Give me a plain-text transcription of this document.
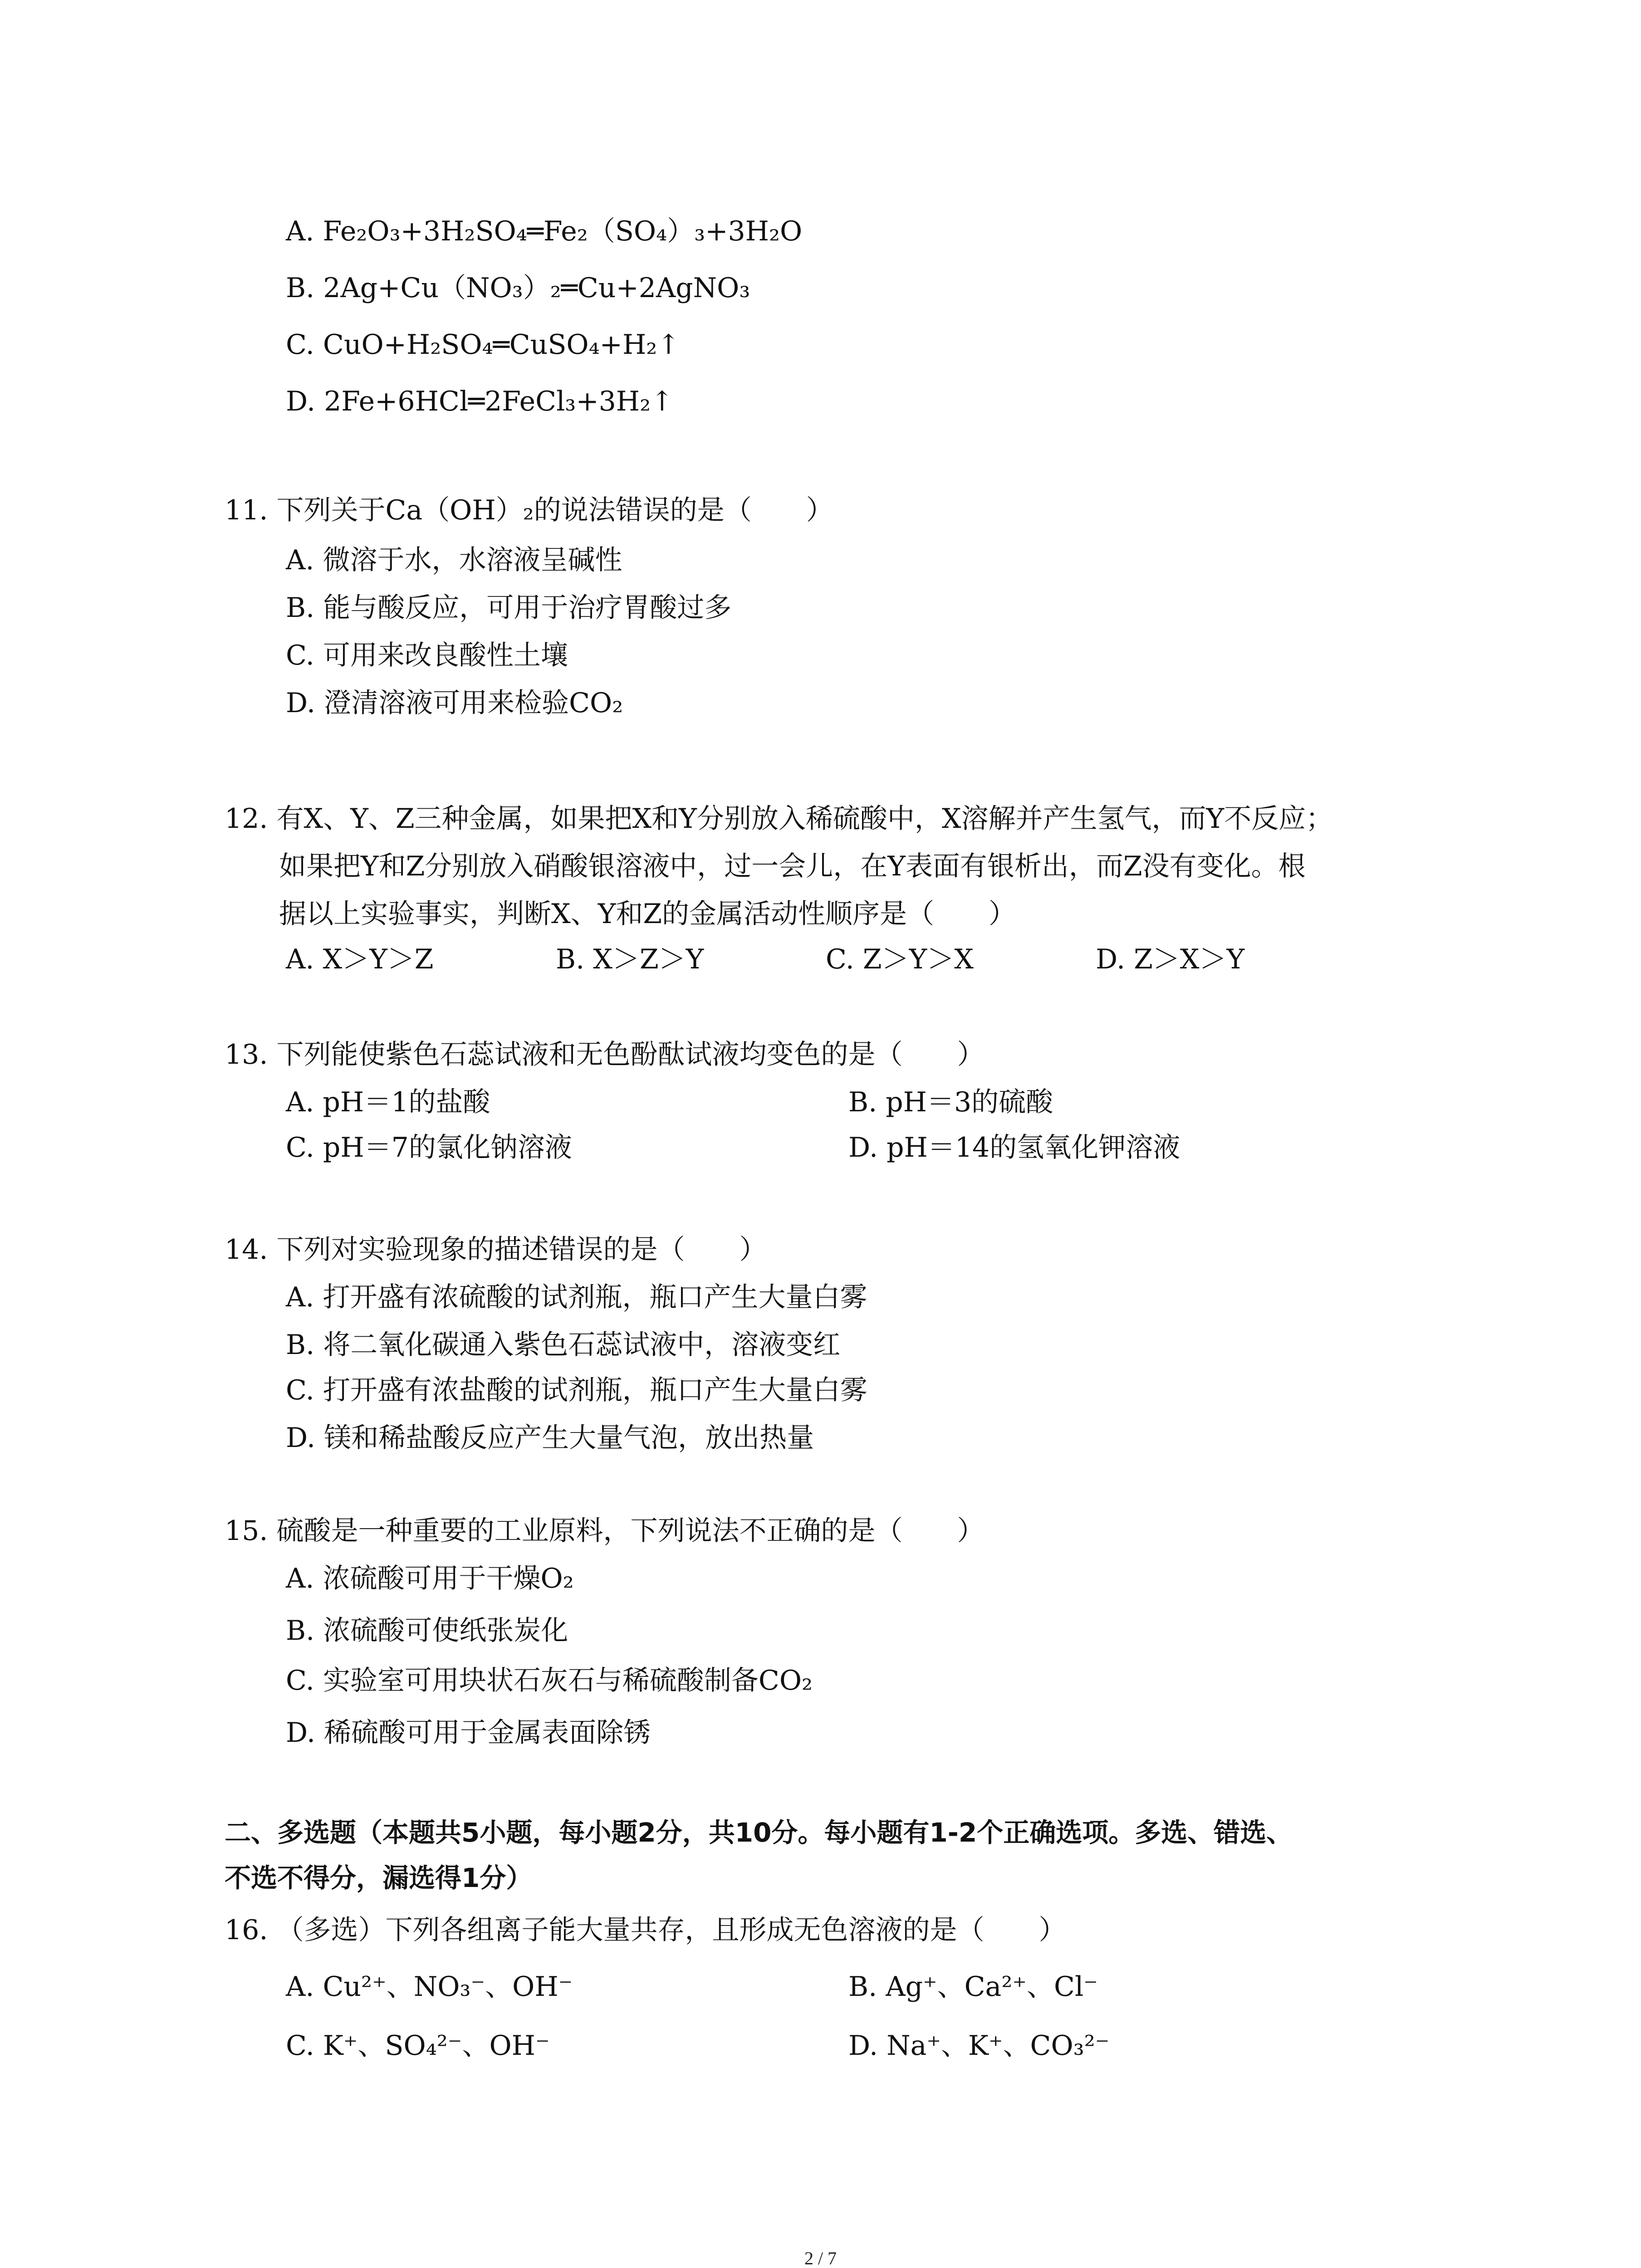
A. Fe₂O₃+3H₂SO₄═Fe₂（SO₄）₃+3H₂O
B. 2Ag+Cu（NO₃）₂═Cu+2AgNO₃
C. CuO+H₂SO₄═CuSO₄+H₂↑
D. 2Fe+6HCl═2FeCl₃+3H₂↑
11. 下列关于Ca（OH）₂的说法错误的是（　　）
A. 微溶于水，水溶液呈碱性
B. 能与酸反应，可用于治疗胃酸过多
C. 可用来改良酸性土壤
D. 澄清溶液可用来检验CO₂
12. 有X、Y、Z三种金属，如果把X和Y分别放入稀硫酸中，X溶解并产生氢气，而Y不反应；
如果把Y和Z分别放入硝酸银溶液中，过一会儿，在Y表面有银析出，而Z没有变化。根
据以上实验事实，判断X、Y和Z的金属活动性顺序是（　　）
A. X＞Y＞Z	B. X＞Z＞Y	C. Z＞Y＞X	D. Z＞X＞Y
13. 下列能使紫色石蕊试液和无色酚酞试液均变色的是（　　）
A. pH＝1的盐酸	B. pH＝3的硫酸
C. pH＝7的氯化钠溶液	D. pH＝14的氢氧化钾溶液
14. 下列对实验现象的描述错误的是（　　）
A. 打开盛有浓硫酸的试剂瓶，瓶口产生大量白雾
B. 将二氧化碳通入紫色石蕊试液中，溶液变红
C. 打开盛有浓盐酸的试剂瓶，瓶口产生大量白雾
D. 镁和稀盐酸反应产生大量气泡，放出热量
15. 硫酸是一种重要的工业原料，下列说法不正确的是（　　）
A. 浓硫酸可用于干燥O₂
B. 浓硫酸可使纸张炭化
C. 实验室可用块状石灰石与稀硫酸制备CO₂
D. 稀硫酸可用于金属表面除锈
二、多选题（本题共5小题，每小题2分，共10分。每小题有1-2个正确选项。多选、错选、
不选不得分，漏选得1分）
16. （多选）下列各组离子能大量共存，且形成无色溶液的是（　　）
A. Cu²⁺、NO₃⁻、OH⁻	B. Ag⁺、Ca²⁺、Cl⁻
C. K⁺、SO₄²⁻、OH⁻	D. Na⁺、K⁺、CO₃²⁻
2 / 7
